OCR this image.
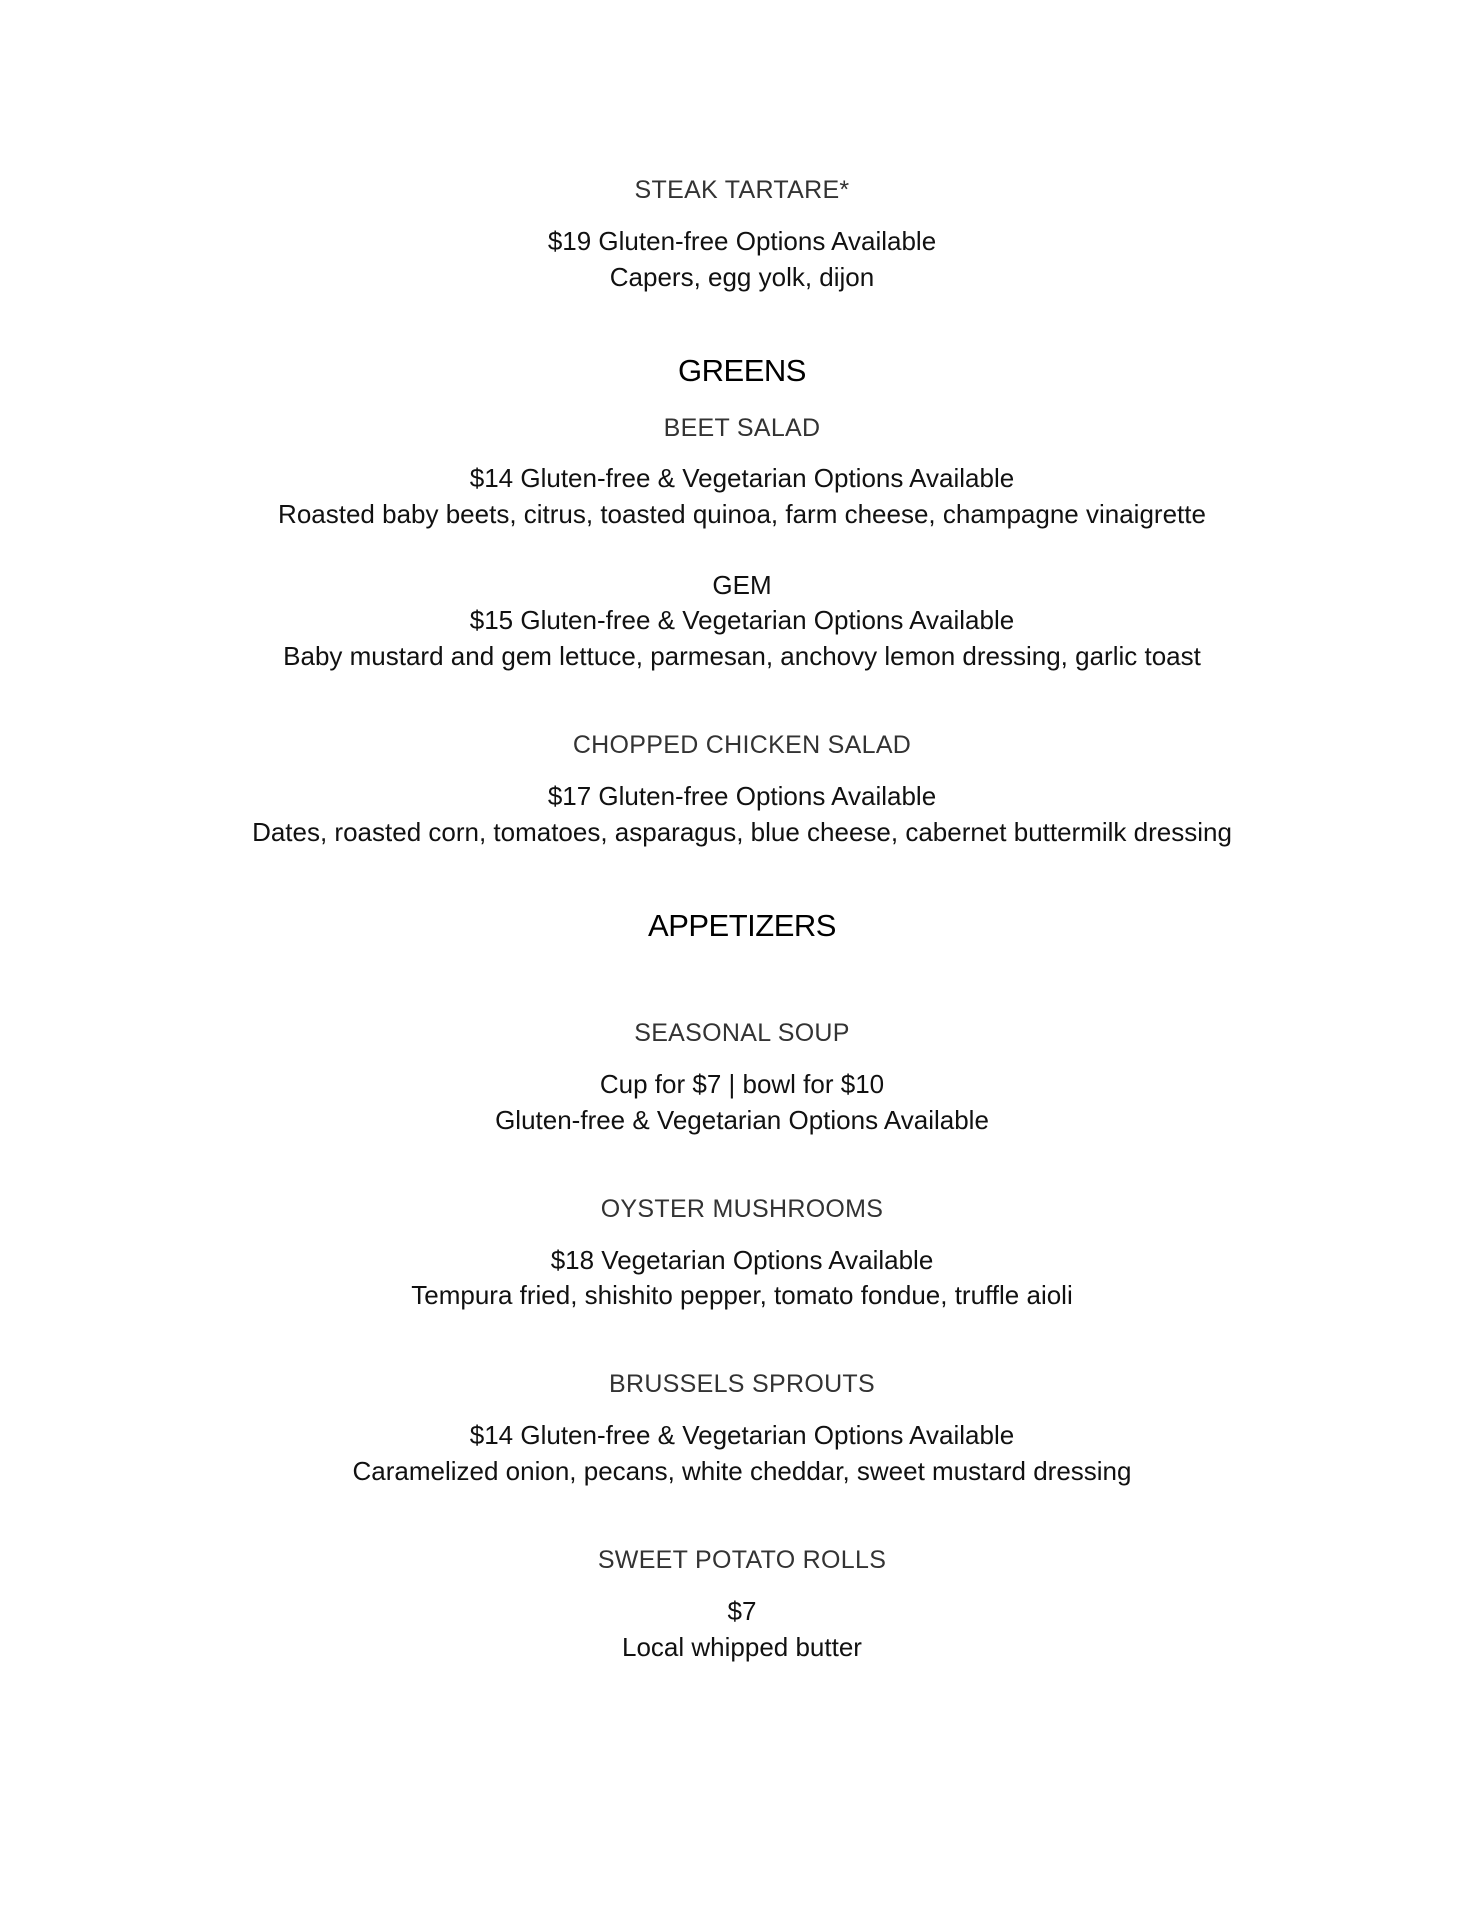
STEAK TARTARE*
$19 Gluten-free Options Available
Capers, egg yolk, dijon
GREENS
BEET SALAD
$14 Gluten-free & Vegetarian Options Available
Roasted baby beets, citrus, toasted quinoa, farm cheese, champagne vinaigrette
GEM
$15 Gluten-free & Vegetarian Options Available
Baby mustard and gem lettuce, parmesan, anchovy lemon dressing, garlic toast
CHOPPED CHICKEN SALAD
$17 Gluten-free Options Available
Dates, roasted corn, tomatoes, asparagus, blue cheese, cabernet buttermilk dressing
APPETIZERS
SEASONAL SOUP
Cup for $7 | bowl for $10
Gluten-free & Vegetarian Options Available
OYSTER MUSHROOMS
$18 Vegetarian Options Available
Tempura fried, shishito pepper, tomato fondue, truffle aioli
BRUSSELS SPROUTS
$14 Gluten-free & Vegetarian Options Available
Caramelized onion, pecans, white cheddar, sweet mustard dressing
SWEET POTATO ROLLS
$7
Local whipped butter
